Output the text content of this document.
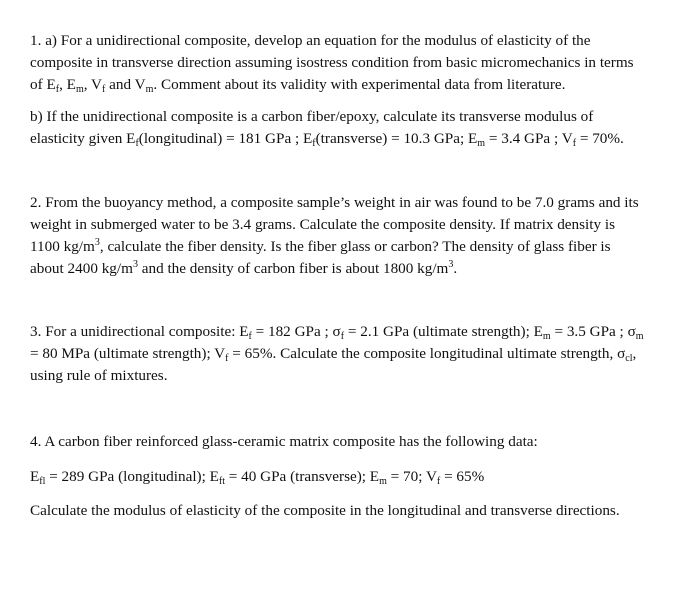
1. a) For a unidirectional composite, develop an equation for the modulus of elasticity of the
composite in transverse direction assuming isostress condition from basic micromechanics in terms
of $E_f$, $E_m$, $V_f$ and $V_m$. Comment about its validity with experimental data from literature.
b) If the unidirectional composite is a carbon fiber/epoxy, calculate its transverse modulus of
elasticity given $E_f(longitudinal) = 181$ GPa ; $E_f(transverse) = 10.3$ GPa; $E_m = 3.4$ GPa ; $V_f = 70\%$.
2. From the buoyancy method, a composite sample’s weight in air was found to be 7.0 grams and its
weight in submerged water to be 3.4 grams. Calculate the composite density. If matrix density is
1100 $kg/m^3$, calculate the fiber density. Is the fiber glass or carbon? The density of glass fiber is
about 2400 $kg/m^3$ and the density of carbon fiber is about 1800 $kg/m^3$.
3. For a unidirectional composite: $E_f = 182$ GPa ; $\sigma_f = 2.1$ GPa (ultimate strength); $E_m = 3.5$ GPa ; $\sigma_m$
= 80 MPa (ultimate strength); $V_f = 65\%$. Calculate the composite longitudinal ultimate strength, $\sigma_{cl}$,
using rule of mixtures.
4. A carbon fiber reinforced glass-ceramic matrix composite has the following data:
$E_{fl} = 289$ GPa (longitudinal); $E_{ft} = 40$ GPa (transverse); $E_m = 70$; $V_f = 65\%$
Calculate the modulus of elasticity of the composite in the longitudinal and transverse directions.
